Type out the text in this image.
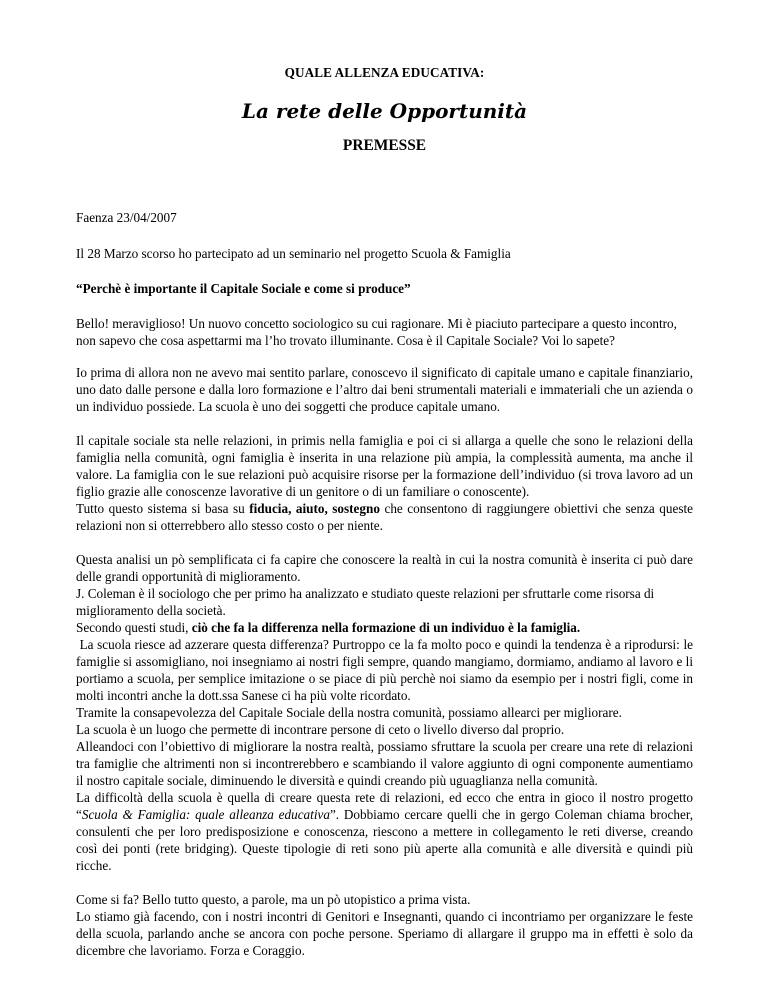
QUALE ALLENZA EDUCATIVA:
La rete delle Opportunità
PREMESSE

Faenza 23/04/2007

Il 28 Marzo scorso ho partecipato ad un seminario nel progetto Scuola & Famiglia

“Perchè è importante il Capitale Sociale e come si produce”

Bello! meraviglioso! Un nuovo concetto sociologico su cui ragionare. Mi è piaciuto partecipare a questo incontro, non sapevo che cosa aspettarmi ma l’ho trovato illuminante. Cosa è il Capitale Sociale? Voi lo sapete?

Io prima di allora non ne avevo mai sentito parlare, conoscevo il significato di capitale umano e capitale finanziario, uno dato dalle persone e dalla loro formazione e l’altro dai beni strumentali materiali e immateriali che un azienda o un individuo possiede. La scuola è uno dei soggetti che produce capitale umano.

Il capitale sociale sta nelle relazioni, in primis nella famiglia e poi ci si allarga a quelle che sono le relazioni della famiglia nella comunità, ogni famiglia è inserita in una relazione più ampia, la complessità aumenta, ma anche il valore. La famiglia con le sue relazioni può acquisire risorse per la formazione dell’individuo (si trova lavoro ad un figlio grazie alle conoscenze lavorative di un genitore o di un familiare o conoscente).

Tutto questo sistema si basa su fiducia, aiuto, sostegno che consentono di raggiungere obiettivi che senza queste relazioni non si otterrebbero allo stesso costo o per niente.

Questa analisi un pò semplificata ci fa capire che conoscere la realtà in cui la nostra comunità è inserita ci può dare delle grandi opportunità di miglioramento.

J. Coleman è il sociologo che per primo ha analizzato e studiato queste relazioni per sfruttarle come risorsa di miglioramento della società.

Secondo questi studi, ciò che fa la differenza nella formazione di un individuo è la famiglia.

La scuola riesce ad azzerare questa differenza? Purtroppo ce la fa molto poco e quindi la tendenza è a riprodursi: le famiglie si assomigliano, noi insegniamo ai nostri figli sempre, quando mangiamo, dormiamo, andiamo al lavoro e li portiamo a scuola, per semplice imitazione o se piace di più perchè noi siamo da esempio per i nostri figli, come in molti incontri anche la dott.ssa Sanese ci ha più volte ricordato.

Tramite la consapevolezza del Capitale Sociale della nostra comunità, possiamo allearci per migliorare.

La scuola è un luogo che permette di incontrare persone di ceto o livello diverso dal proprio.

Alleandoci con l’obiettivo di migliorare la nostra realtà, possiamo sfruttare la scuola per creare una rete di relazioni tra famiglie che altrimenti non si incontrerebbero e scambiando il valore aggiunto di ogni componente aumentiamo il nostro capitale sociale, diminuendo le diversità e quindi creando più uguaglianza nella comunità.

La difficoltà della scuola è quella di creare questa rete di relazioni, ed ecco che entra in gioco il nostro progetto “Scuola & Famiglia: quale alleanza educativa”. Dobbiamo cercare quelli che in gergo Coleman chiama brocher, consulenti che per loro predisposizione e conoscenza, riescono a mettere in collegamento le reti diverse, creando così dei ponti (rete bridging). Queste tipologie di reti sono più aperte alla comunità e alle diversità e quindi più ricche.

Come si fa? Bello tutto questo, a parole, ma un pò utopistico a prima vista.

Lo stiamo già facendo, con i nostri incontri di Genitori e Insegnanti, quando ci incontriamo per organizzare le feste della scuola, parlando anche se ancora con poche persone. Speriamo di allargare il gruppo ma in effetti è solo da dicembre che lavoriamo. Forza e Coraggio.
